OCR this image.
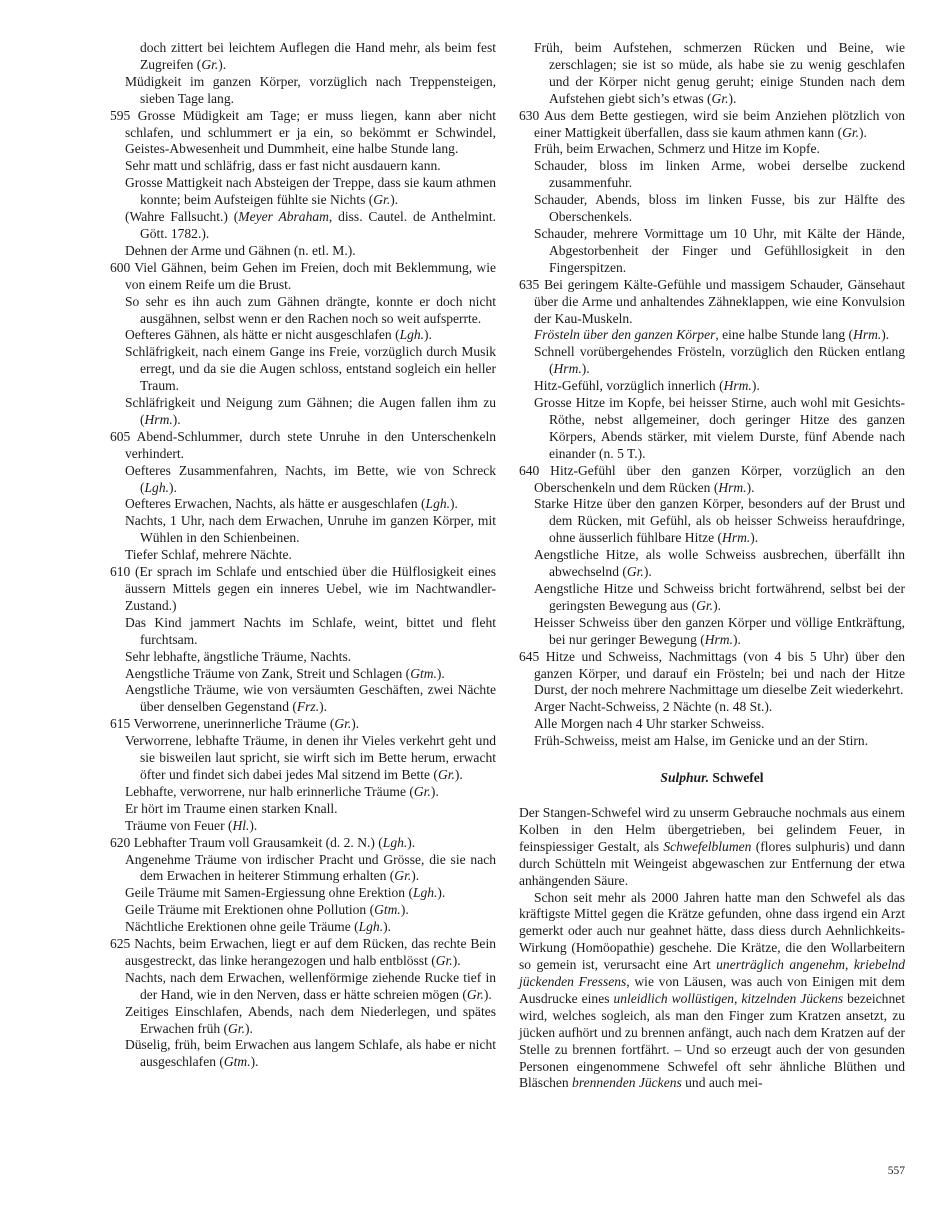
doch zittert bei leichtem Auflegen die Hand mehr, als beim fest Zugreifen (Gr.).
Müdigkeit im ganzen Körper, vorzüglich nach Treppensteigen, sieben Tage lang.
595 Grosse Müdigkeit am Tage; er muss liegen, kann aber nicht schlafen, und schlummert er ja ein, so bekömmt er Schwindel, Geistes-Abwesenheit und Dummheit, eine halbe Stunde lang.
Sehr matt und schläfrig, dass er fast nicht ausdauern kann.
Grosse Mattigkeit nach Absteigen der Treppe, dass sie kaum athmen konnte; beim Aufsteigen fühlte sie Nichts (Gr.).
(Wahre Fallsucht.) (Meyer Abraham, diss. Cautel. de Anthelmint. Gött. 1782.).
Dehnen der Arme und Gähnen (n. etl. M.).
600 Viel Gähnen, beim Gehen im Freien, doch mit Beklemmung, wie von einem Reife um die Brust.
So sehr es ihn auch zum Gähnen drängte, konnte er doch nicht ausgähnen, selbst wenn er den Rachen noch so weit aufsperrte.
Oefteres Gähnen, als hätte er nicht ausgeschlafen (Lgh.).
Schläfrigkeit, nach einem Gange ins Freie, vorzüglich durch Musik erregt, und da sie die Augen schloss, entstand sogleich ein heller Traum.
Schläfrigkeit und Neigung zum Gähnen; die Augen fallen ihm zu (Hrm.).
605 Abend-Schlummer, durch stete Unruhe in den Unterschenkeln verhindert.
Oefteres Zusammenfahren, Nachts, im Bette, wie von Schreck (Lgh.).
Oefteres Erwachen, Nachts, als hätte er ausgeschlafen (Lgh.).
Nachts, 1 Uhr, nach dem Erwachen, Unruhe im ganzen Körper, mit Wühlen in den Schienbeinen.
Tiefer Schlaf, mehrere Nächte.
610 (Er sprach im Schlafe und entschied über die Hülflosigkeit eines äussern Mittels gegen ein inneres Uebel, wie im Nachtwandler-Zustand.)
Das Kind jammert Nachts im Schlafe, weint, bittet und fleht furchtsam.
Sehr lebhafte, ängstliche Träume, Nachts.
Aengstliche Träume von Zank, Streit und Schlagen (Gtm.).
Aengstliche Träume, wie von versäumten Geschäften, zwei Nächte über denselben Gegenstand (Frz.).
615 Verworrene, unerinnerliche Träume (Gr.).
Verworrene, lebhafte Träume, in denen ihr Vieles verkehrt geht und sie bisweilen laut spricht, sie wirft sich im Bette herum, erwacht öfter und findet sich dabei jedes Mal sitzend im Bette (Gr.).
Lebhafte, verworrene, nur halb erinnerliche Träume (Gr.).
Er hört im Traume einen starken Knall.
Träume von Feuer (Hl.).
620 Lebhafter Traum voll Grausamkeit (d. 2. N.) (Lgh.).
Angenehme Träume von irdischer Pracht und Grösse, die sie nach dem Erwachen in heiterer Stimmung erhalten (Gr.).
Geile Träume mit Samen-Ergiessung ohne Erektion (Lgh.).
Geile Träume mit Erektionen ohne Pollution (Gtm.).
Nächtliche Erektionen ohne geile Träume (Lgh.).
625 Nachts, beim Erwachen, liegt er auf dem Rücken, das rechte Bein ausgestreckt, das linke herangezogen und halb entblösst (Gr.).
Nachts, nach dem Erwachen, wellenförmige ziehende Rucke tief in der Hand, wie in den Nerven, dass er hätte schreien mögen (Gr.).
Zeitiges Einschlafen, Abends, nach dem Niederlegen, und spätes Erwachen früh (Gr.).
Düselig, früh, beim Erwachen aus langem Schlafe, als habe er nicht ausgeschlafen (Gtm.).
Früh, beim Aufstehen, schmerzen Rücken und Beine, wie zerschlagen; sie ist so müde, als habe sie zu wenig geschlafen und der Körper nicht genug geruht; einige Stunden nach dem Aufstehen giebt sich’s etwas (Gr.).
630 Aus dem Bette gestiegen, wird sie beim Anziehen plötzlich von einer Mattigkeit überfallen, dass sie kaum athmen kann (Gr.).
Früh, beim Erwachen, Schmerz und Hitze im Kopfe.
Schauder, bloss im linken Arme, wobei derselbe zuckend zusammenfuhr.
Schauder, Abends, bloss im linken Fusse, bis zur Hälfte des Oberschenkels.
Schauder, mehrere Vormittage um 10 Uhr, mit Kälte der Hände, Abgestorbenheit der Finger und Gefühllosigkeit in den Fingerspitzen.
635 Bei geringem Kälte-Gefühle und massigem Schauder, Gänsehaut über die Arme und anhaltendes Zähneklappen, wie eine Konvulsion der Kau-Muskeln.
Frösteln über den ganzen Körper, eine halbe Stunde lang (Hrm.).
Schnell vorübergehendes Frösteln, vorzüglich den Rücken entlang (Hrm.).
Hitz-Gefühl, vorzüglich innerlich (Hrm.).
Grosse Hitze im Kopfe, bei heisser Stirne, auch wohl mit Gesichts-Röthe, nebst allgemeiner, doch geringer Hitze des ganzen Körpers, Abends stärker, mit vielem Durste, fünf Abende nach einander (n. 5 T.).
640 Hitz-Gefühl über den ganzen Körper, vorzüglich an den Oberschenkeln und dem Rücken (Hrm.).
Starke Hitze über den ganzen Körper, besonders auf der Brust und dem Rücken, mit Gefühl, als ob heisser Schweiss heraufdringe, ohne äusserlich fühlbare Hitze (Hrm.).
Aengstliche Hitze, als wolle Schweiss ausbrechen, überfällt ihn abwechselnd (Gr.).
Aengstliche Hitze und Schweiss bricht fortwährend, selbst bei der geringsten Bewegung aus (Gr.).
Heisser Schweiss über den ganzen Körper und völlige Entkräftung, bei nur geringer Bewegung (Hrm.).
645 Hitze und Schweiss, Nachmittags (von 4 bis 5 Uhr) über den ganzen Körper, und darauf ein Frösteln; bei und nach der Hitze Durst, der noch mehrere Nachmittage um dieselbe Zeit wiederkehrt.
Arger Nacht-Schweiss, 2 Nächte (n. 48 St.).
Alle Morgen nach 4 Uhr starker Schweiss.
Früh-Schweiss, meist am Halse, im Genicke und an der Stirn.
Sulphur. Schwefel

Der Stangen-Schwefel wird zu unserm Gebrauche nochmals aus einem Kolben in den Helm übergetrieben, bei gelindem Feuer, in feinspiessiger Gestalt, als Schwefelblumen (flores sulphuris) und dann durch Schütteln mit Weingeist abgewaschen zur Entfernung der etwa anhängenden Säure.

Schon seit mehr als 2000 Jahren hatte man den Schwefel als das kräftigste Mittel gegen die Krätze gefunden, ohne dass irgend ein Arzt gemerkt oder auch nur geahnet hätte, dass diess durch Aehnlichkeits-Wirkung (Homöopathie) geschehe. Die Krätze, die den Wollarbeitern so gemein ist, verursacht eine Art unerträglich angenehm, kriebelnd jückenden Fressens, wie von Läusen, was auch von Einigen mit dem Ausdrucke eines unleidlich wollüstigen, kitzelnden Jückens bezeichnet wird, welches sogleich, als man den Finger zum Kratzen ansetzt, zu jücken aufhört und zu brennen anfängt, auch nach dem Kratzen auf der Stelle zu brennen fortfährt. – Und so erzeugt auch der von gesunden Personen eingenommene Schwefel oft sehr ähnliche Blüthen und Bläschen brennenden Jückens und auch mei-

557
